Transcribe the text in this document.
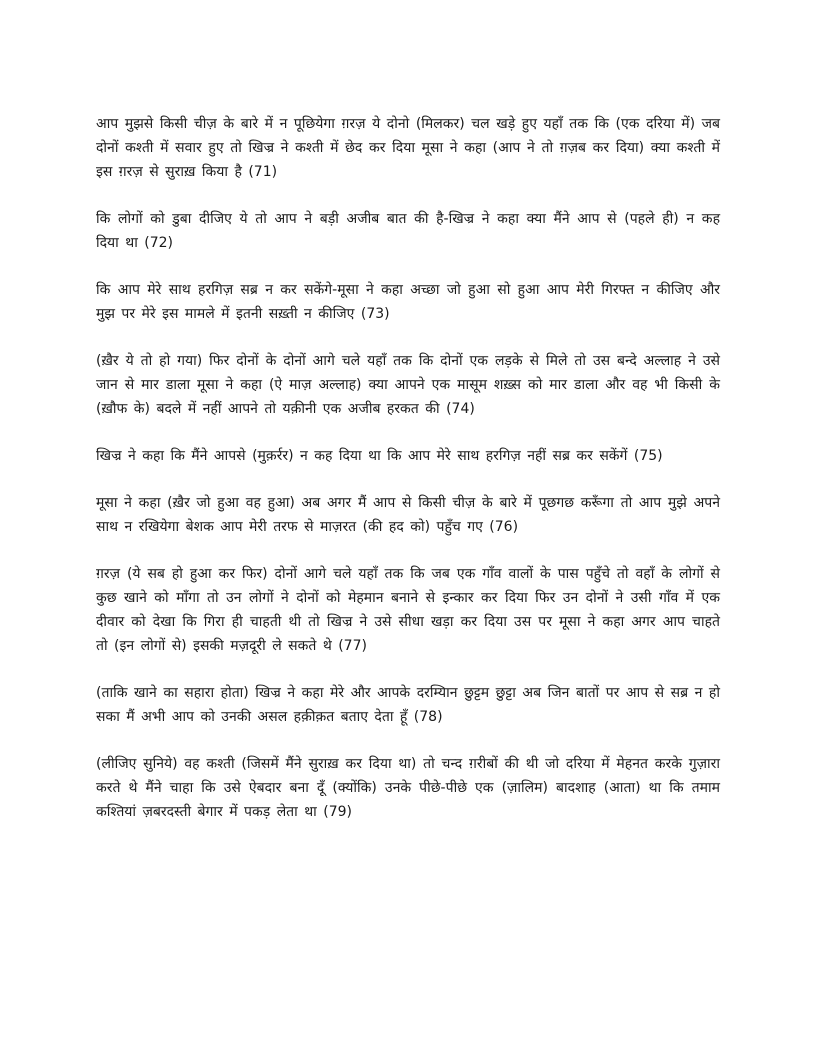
आप मुझसे किसी चीज़ के बारे में न पूछियेगा ग़रज़ ये दोनो (मिलकर) चल खड़े हुए यहाँ तक कि (एक दरिया में) जब दोनों कश्ती में सवार हुए तो खिज्र ने कश्ती में छेद कर दिया मूसा ने कहा (आप ने तो ग़ज़ब कर दिया) क्या कश्ती में इस ग़रज़ से सुराख़ किया है (71)

कि लोगों को डुबा दीजिए ये तो आप ने बड़ी अजीब बात की है-खिज्र ने कहा क्या मैंने आप से (पहले ही) न कह दिया था (72)

कि आप मेरे साथ हरगिज़ सब्र न कर सकेंगे-मूसा ने कहा अच्छा जो हुआ सो हुआ आप मेरी गिरफ्त न कीजिए और मुझ पर मेरे इस मामले में इतनी सख़्ती न कीजिए (73)

(ख़ैर ये तो हो गया) फिर दोनों के दोनों आगे चले यहाँ तक कि दोनों एक लड़के से मिले तो उस बन्दे अल्लाह ने उसे जान से मार डाला मूसा ने कहा (ऐ माज़ अल्लाह) क्या आपने एक मासूम शख़्स को मार डाला और वह भी किसी के (ख़ौफ के) बदले में नहीं आपने तो यक़ीनी एक अजीब हरकत की (74)

खिज्र ने कहा कि मैंने आपसे (मुक़र्रर) न कह दिया था कि आप मेरे साथ हरगिज़ नहीं सब्र कर सकेंगें (75)

मूसा ने कहा (ख़ैर जो हुआ वह हुआ) अब अगर मैं आप से किसी चीज़ के बारे में पूछगछ करूँगा तो आप मुझे अपने साथ न रखियेगा बेशक आप मेरी तरफ से माज़रत (की हद को) पहुँच गए (76)

ग़रज़ (ये सब हो हुआ कर फिर) दोनों आगे चले यहाँ तक कि जब एक गाँव वालों के पास पहुँचे तो वहाँ के लोगों से कुछ खाने को माँगा तो उन लोगों ने दोनों को मेहमान बनाने से इन्कार कर दिया फिर उन दोनों ने उसी गाँव में एक दीवार को देखा कि गिरा ही चाहती थी तो खिज्र ने उसे सीधा खड़ा कर दिया उस पर मूसा ने कहा अगर आप चाहते तो (इन लोगों से) इसकी मज़दूरी ले सकते थे (77)

(ताकि खाने का सहारा होता) खिज्र ने कहा मेरे और आपके दरम्यिान छुट्टम छुट्टा अब जिन बातों पर आप से सब्र न हो सका मैं अभी आप को उनकी असल हक़ीक़त बताए देता हूँ (78)

(लीजिए सुनिये) वह कश्ती (जिसमें मैंने सुराख़ कर दिया था) तो चन्द ग़रीबों की थी जो दरिया में मेहनत करके गुज़ारा करते थे मैंने चाहा कि उसे ऐबदार बना दूँ (क्योंकि) उनके पीछे-पीछे एक (ज़ालिम) बादशाह (आता) था कि तमाम कश्तियां ज़बरदस्ती बेगार में पकड़ लेता था (79)
